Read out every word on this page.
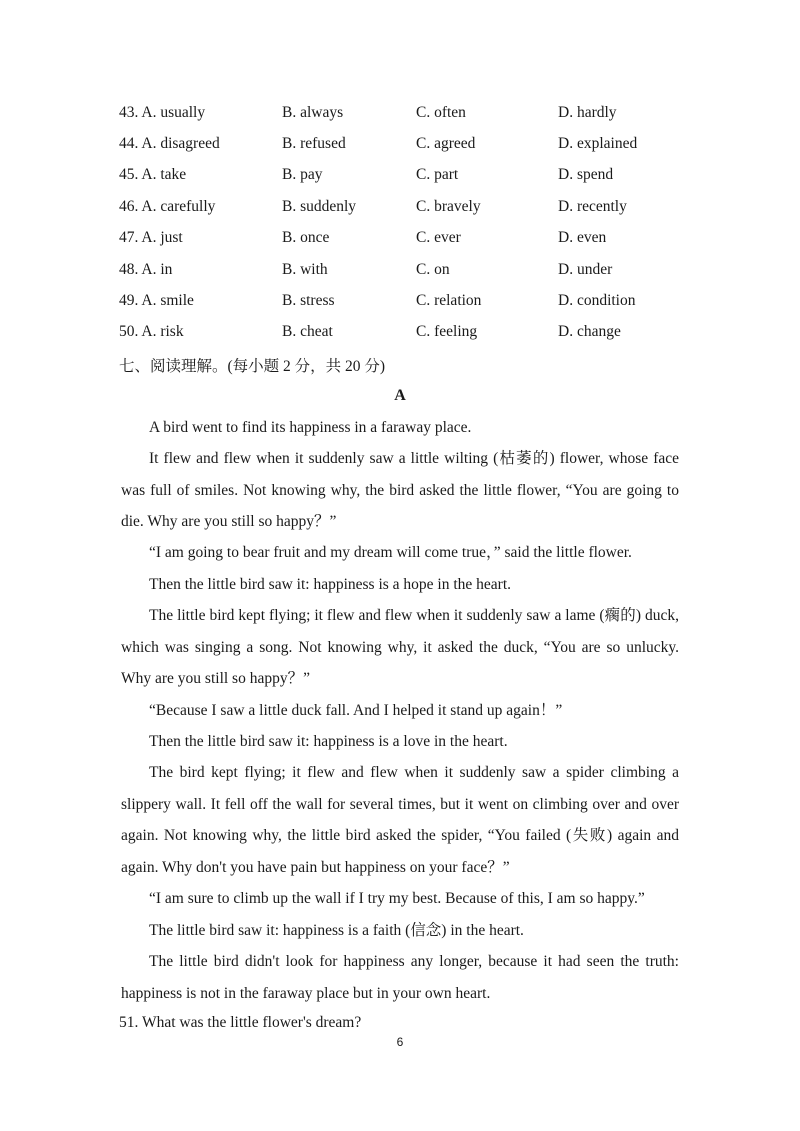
43. A. usually	B. always	C. often	D. hardly
44. A. disagreed	B. refused	C. agreed	D. explained
45. A. take	B. pay	C. part	D. spend
46. A. carefully	B. suddenly	C. bravely	D. recently
47. A. just	B. once	C. ever	D. even
48. A. in	B. with	C. on	D. under
49. A. smile	B. stress	C. relation	D. condition
50. A. risk	B. cheat	C. feeling	D. change
七、阅读理解。(每小题 2 分，共 20 分)
A

A bird went to find its happiness in a faraway place.

It flew and flew when it suddenly saw a little wilting (枯萎的) flower, whose face was full of smiles. Not knowing why, the bird asked the little flower, “You are going to die. Why are you still so happy？”

“I am going to bear fruit and my dream will come true，” said the little flower.

Then the little bird saw it: happiness is a hope in the heart.

The little bird kept flying; it flew and flew when it suddenly saw a lame (瘸的) duck, which was singing a song. Not knowing why, it asked the duck, “You are so unlucky. Why are you still so happy？”

“Because I saw a little duck fall. And I helped it stand up again！”

Then the little bird saw it: happiness is a love in the heart.

The bird kept flying; it flew and flew when it suddenly saw a spider climbing a slippery wall. It fell off the wall for several times, but it went on climbing over and over again. Not knowing why, the little bird asked the spider, “You failed (失败) again and again. Why don't you have pain but happiness on your face？”

“I am sure to climb up the wall if I try my best. Because of this, I am so happy.”

The little bird saw it: happiness is a faith (信念) in the heart.

The little bird didn't look for happiness any longer, because it had seen the truth: happiness is not in the faraway place but in your own heart.

51. What was the little flower's dream?
6
